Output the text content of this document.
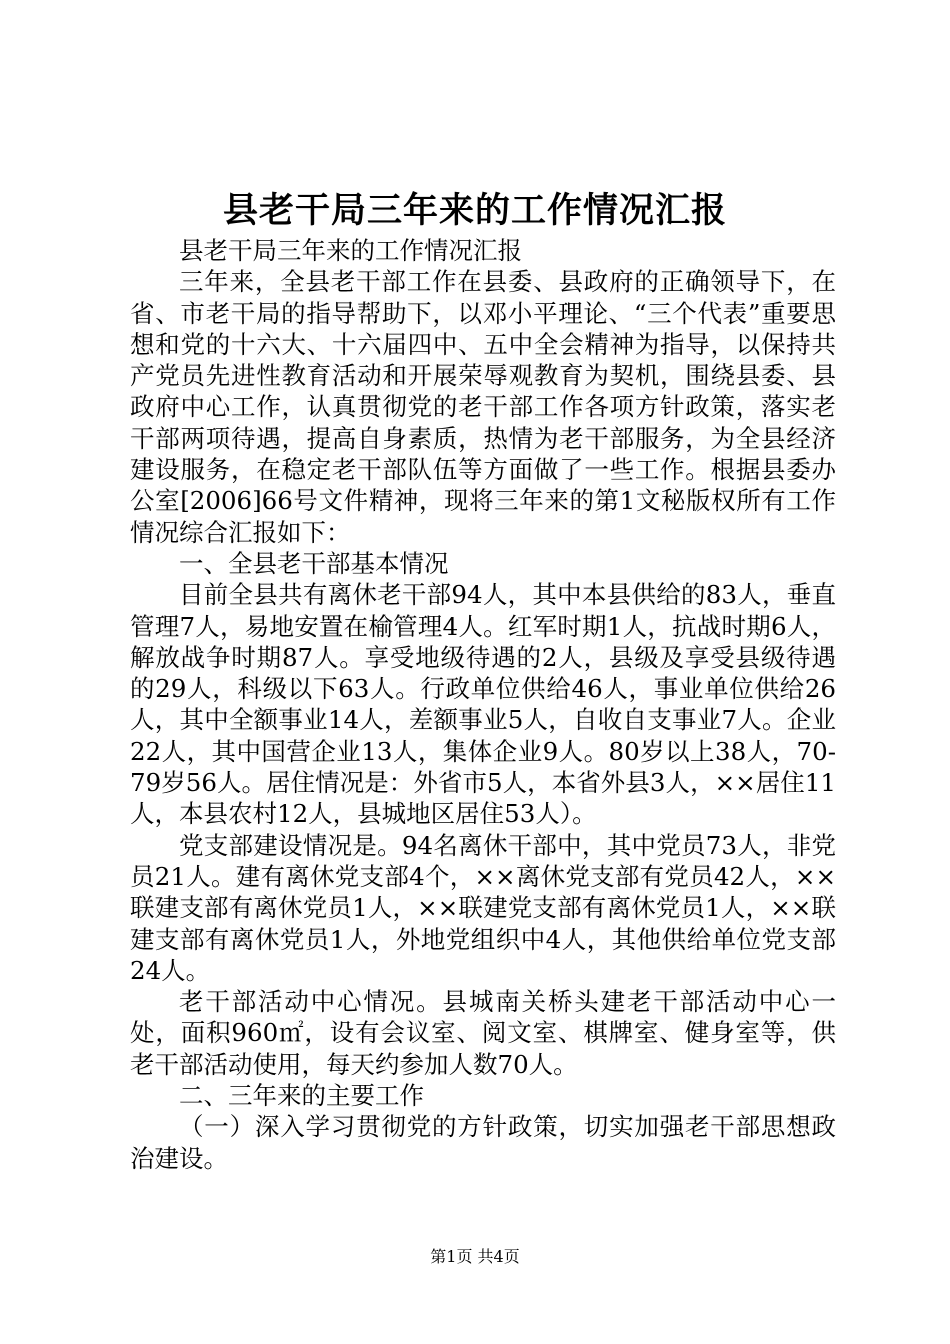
县老干局三年来的工作情况汇报

县老干局三年来的工作情况汇报

三年来，全县老干部工作在县委、县政府的正确领导下，在省、市老干局的指导帮助下，以邓小平理论、“三个代表”重要思想和党的十六大、十六届四中、五中全会精神为指导，以保持共产党员先进性教育活动和开展荣辱观教育为契机，围绕县委、县政府中心工作，认真贯彻党的老干部工作各项方针政策，落实老干部两项待遇，提高自身素质，热情为老干部服务，为全县经济建设服务，在稳定老干部队伍等方面做了一些工作。根据县委办公室[2006]66号文件精神，现将三年来的第1文秘版权所有工作情况综合汇报如下：

一、全县老干部基本情况

目前全县共有离休老干部94人，其中本县供给的83人，垂直管理7人，易地安置在榆管理4人。红军时期1人，抗战时期6人，解放战争时期87人。享受地级待遇的2人，县级及享受县级待遇的29人，科级以下63人。行政单位供给46人，事业单位供给26人，其中全额事业14人，差额事业5人，自收自支事业7人。企业22人，其中国营企业13人，集体企业9人。80岁以上38人，70-79岁56人。居住情况是：外省市5人，本省外县3人，××居住11人，本县农村12人，县城地区居住53人）。

党支部建设情况是。94名离休干部中，其中党员73人，非党员21人。建有离休党支部4个，××离休党支部有党员42人，××联建支部有离休党员1人，××联建党支部有离休党员1人，××联建支部有离休党员1人，外地党组织中4人，其他供给单位党支部24人。

老干部活动中心情况。县城南关桥头建老干部活动中心一处，面积960㎡，设有会议室、阅文室、棋牌室、健身室等，供老干部活动使用，每天约参加人数70人。

二、三年来的主要工作

（一）深入学习贯彻党的方针政策，切实加强老干部思想政治建设。

第1页 共4页
